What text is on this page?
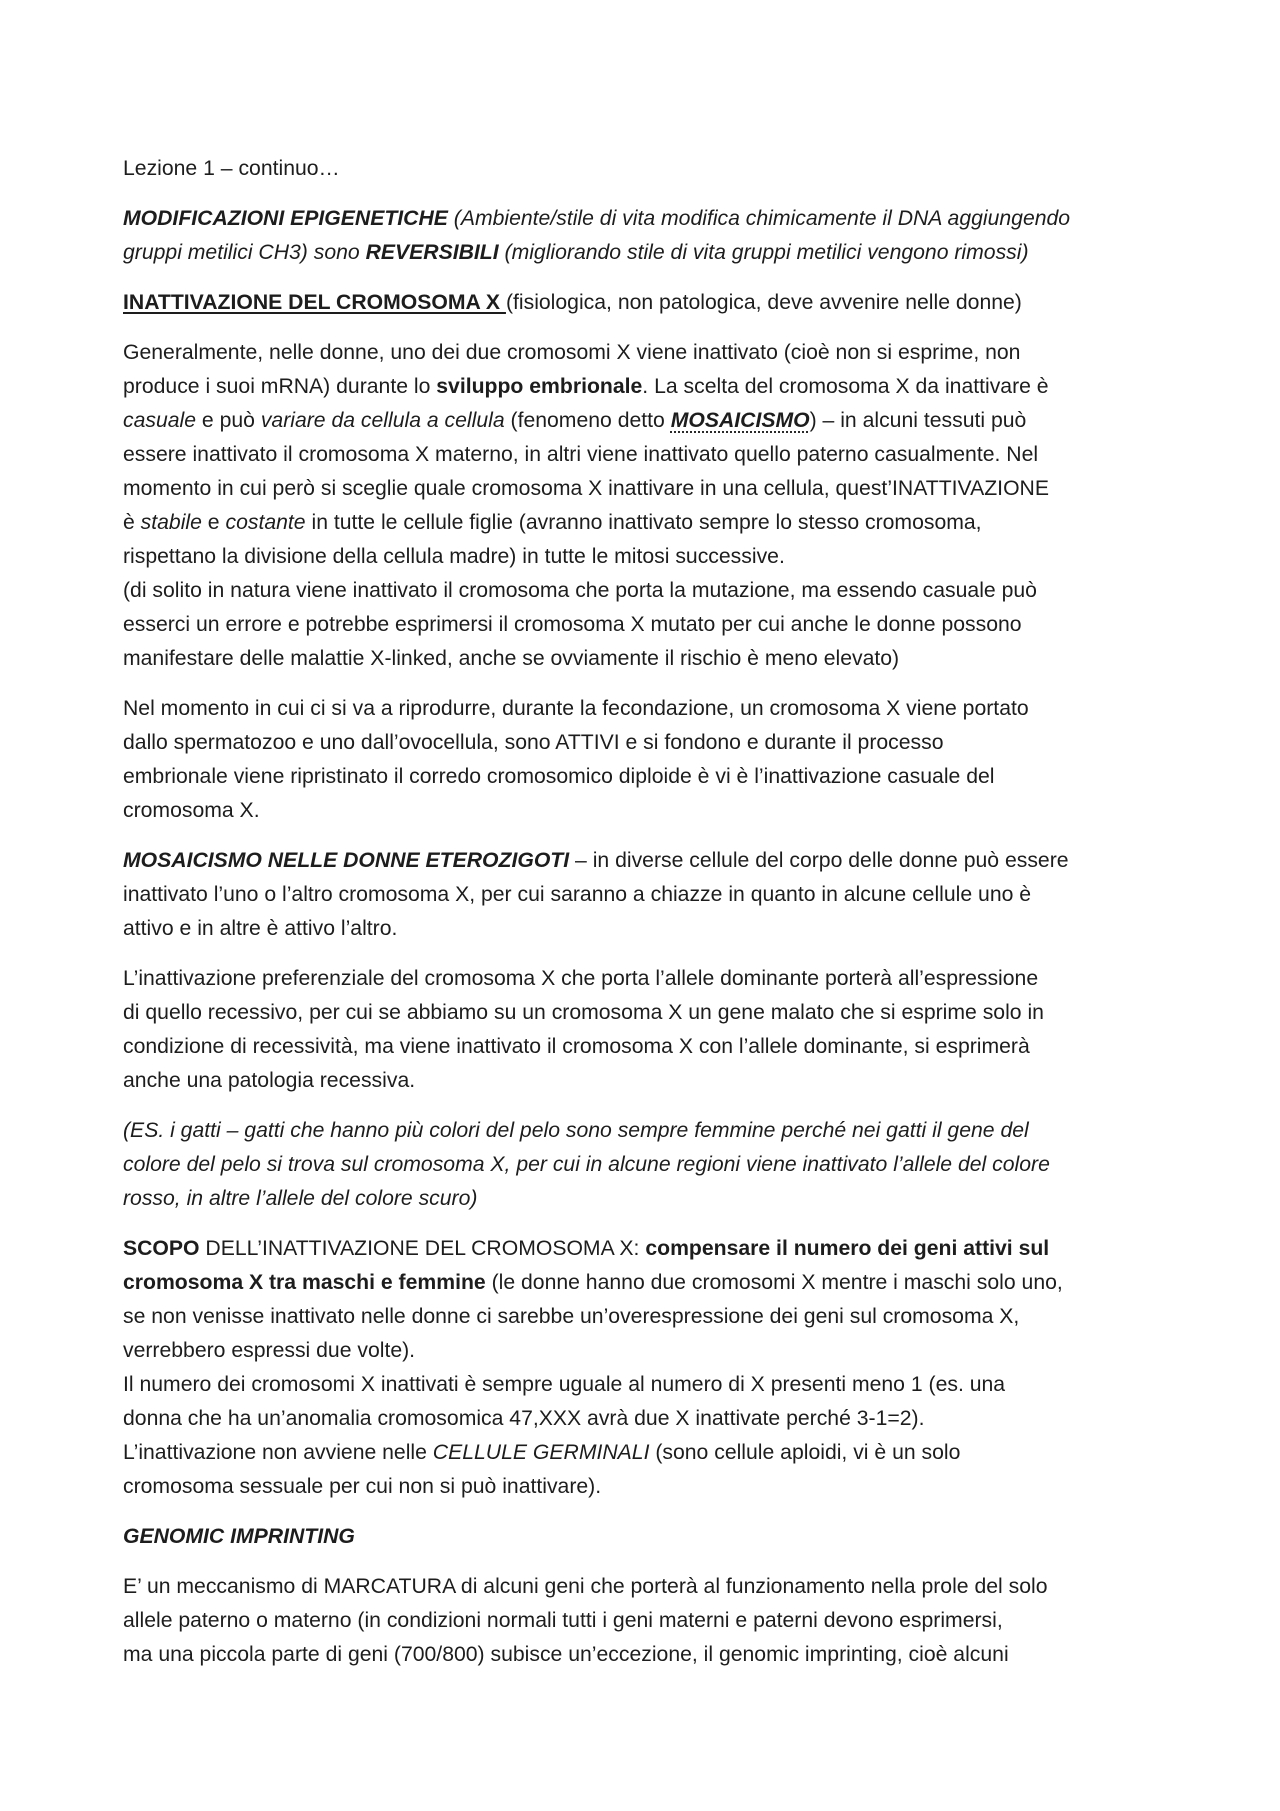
Lezione 1 – continuo…

MODIFICAZIONI EPIGENETICHE (Ambiente/stile di vita modifica chimicamente il DNA aggiungendo
gruppi metilici CH3) sono REVERSIBILI (migliorando stile di vita gruppi metilici vengono rimossi)

INATTIVAZIONE DEL CROMOSOMA X (fisiologica, non patologica, deve avvenire nelle donne)

Generalmente, nelle donne, uno dei due cromosomi X viene inattivato (cioè non si esprime, non
produce i suoi mRNA) durante lo sviluppo embrionale. La scelta del cromosoma X da inattivare è
casuale e può variare da cellula a cellula (fenomeno detto MOSAICISMO) – in alcuni tessuti può
essere inattivato il cromosoma X materno, in altri viene inattivato quello paterno casualmente. Nel
momento in cui però si sceglie quale cromosoma X inattivare in una cellula, quest’INATTIVAZIONE
è stabile e costante in tutte le cellule figlie (avranno inattivato sempre lo stesso cromosoma,
rispettano la divisione della cellula madre) in tutte le mitosi successive.
(di solito in natura viene inattivato il cromosoma che porta la mutazione, ma essendo casuale può
esserci un errore e potrebbe esprimersi il cromosoma X mutato per cui anche le donne possono
manifestare delle malattie X-linked, anche se ovviamente il rischio è meno elevato)

Nel momento in cui ci si va a riprodurre, durante la fecondazione, un cromosoma X viene portato
dallo spermatozoo e uno dall’ovocellula, sono ATTIVI e si fondono e durante il processo
embrionale viene ripristinato il corredo cromosomico diploide è vi è l’inattivazione casuale del
cromosoma X.

MOSAICISMO NELLE DONNE ETEROZIGOTI – in diverse cellule del corpo delle donne può essere
inattivato l’uno o l’altro cromosoma X, per cui saranno a chiazze in quanto in alcune cellule uno è
attivo e in altre è attivo l’altro.

L’inattivazione preferenziale del cromosoma X che porta l’allele dominante porterà all’espressione
di quello recessivo, per cui se abbiamo su un cromosoma X un gene malato che si esprime solo in
condizione di recessività, ma viene inattivato il cromosoma X con l’allele dominante, si esprimerà
anche una patologia recessiva.

(ES. i gatti – gatti che hanno più colori del pelo sono sempre femmine perché nei gatti il gene del
colore del pelo si trova sul cromosoma X, per cui in alcune regioni viene inattivato l’allele del colore
rosso, in altre l’allele del colore scuro)

SCOPO DELL’INATTIVAZIONE DEL CROMOSOMA X: compensare il numero dei geni attivi sul
cromosoma X tra maschi e femmine (le donne hanno due cromosomi X mentre i maschi solo uno,
se non venisse inattivato nelle donne ci sarebbe un’overespressione dei geni sul cromosoma X,
verrebbero espressi due volte).
Il numero dei cromosomi X inattivati è sempre uguale al numero di X presenti meno 1 (es. una
donna che ha un’anomalia cromosomica 47,XXX avrà due X inattivate perché 3-1=2).
L’inattivazione non avviene nelle CELLULE GERMINALI (sono cellule aploidi, vi è un solo
cromosoma sessuale per cui non si può inattivare).

GENOMIC IMPRINTING

E’ un meccanismo di MARCATURA di alcuni geni che porterà al funzionamento nella prole del solo
allele paterno o materno (in condizioni normali tutti i geni materni e paterni devono esprimersi,
ma una piccola parte di geni (700/800) subisce un’eccezione, il genomic imprinting, cioè alcuni
